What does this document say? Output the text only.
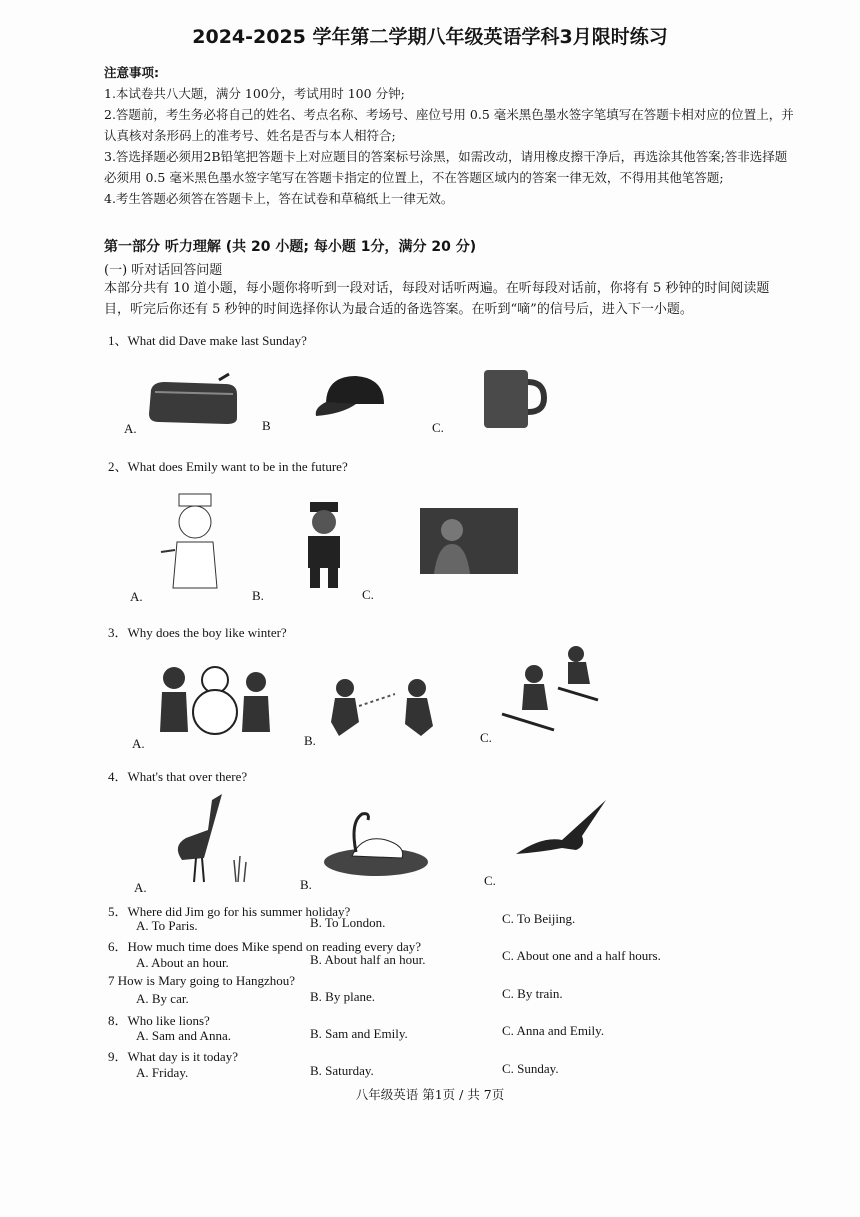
2024-2025 学年第二学期八年级英语学科3月限时练习

注意事项:

1.本试卷共八大题，满分 100分，考试用时 100 分钟;

2.答题前，考生务必将自己的姓名、考点名称、考场号、座位号用 0.5 毫米黑色墨水签字笔填写在答题卡相对应的位置上，并认真核对条形码上的准考号、姓名是否与本人相符合;

3.答选择题必须用2B铅笔把答题卡上对应题目的答案标号涂黑，如需改动，请用橡皮擦干净后，再选涂其他答案;答非选择题必须用 0.5 毫米黑色墨水签字笔写在答题卡指定的位置上，不在答题区域内的答案一律无效，不得用其他笔答题;

4.考生答题必须答在答题卡上，答在试卷和草稿纸上一律无效。

第一部分 听力理解 (共 20 小题; 每小题 1分，满分 20 分)
(一) 听对话回答问题
本部分共有 10 道小题，每小题你将听到一段对话，每段对话听两遍。在听每段对话前，你将有 5 秒钟的时间阅读题目，听完后你还有 5 秒钟的时间选择你认为最合适的备选答案。在听到“嘀”的信号后，进入下一小题。
1、What did Dave make last Sunday?
A.	B	C.
2、What does Emily want to be in the future?
A.	B.	C.
3．Why does the boy like winter?
A.	B.	C.
4．What's that over there?
A.	B.	C.
5．Where did Jim go for his summer holiday?
A. To Paris.	B. To London.	C. To Beijing.
6．How much time does Mike spend on reading every day?
A. About an hour.	B. About half an hour.	C. About one and a half hours.
7 How is Mary going to Hangzhou?
A. By car.	B. By plane.	C. By train.
8．Who like lions?
A. Sam and Anna.	B. Sam and Emily.	C. Anna and Emily.
9．What day is it today?
A. Friday.	B. Saturday.	C. Sunday.
八年级英语 第1页 / 共 7页
